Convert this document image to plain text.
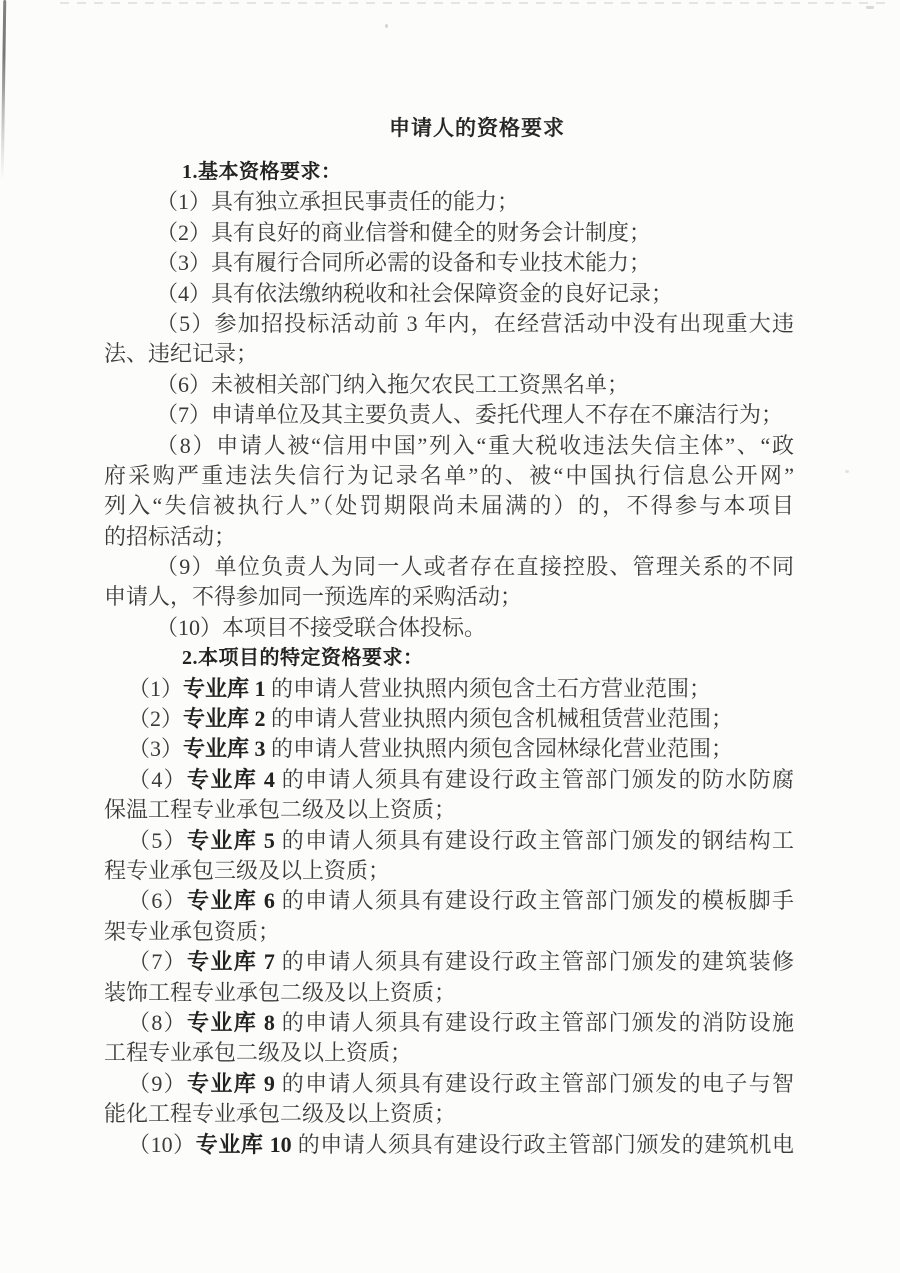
申请人的资格要求
1.基本资格要求：
（1）具有独立承担民事责任的能力；
（2）具有良好的商业信誉和健全的财务会计制度；
（3）具有履行合同所必需的设备和专业技术能力；
（4）具有依法缴纳税收和社会保障资金的良好记录；
（5）参加招投标活动前 3 年内，在经营活动中没有出现重大违
法、违纪记录；
（6）未被相关部门纳入拖欠农民工工资黑名单；
（7）申请单位及其主要负责人、委托代理人不存在不廉洁行为；
（8）申请人被“信用中国”列入“重大税收违法失信主体”、“政
府采购严重违法失信行为记录名单”的、被“中国执行信息公开网”
列入“失信被执行人”（处罚期限尚未届满的）的，不得参与本项目
的招标活动；
（9）单位负责人为同一人或者存在直接控股、管理关系的不同
申请人，不得参加同一预选库的采购活动；
（10）本项目不接受联合体投标。
2.本项目的特定资格要求：
（1）专业库 1 的申请人营业执照内须包含土石方营业范围；
（2）专业库 2 的申请人营业执照内须包含机械租赁营业范围；
（3）专业库 3 的申请人营业执照内须包含园林绿化营业范围；
（4）专业库 4 的申请人须具有建设行政主管部门颁发的防水防腐
保温工程专业承包二级及以上资质；
（5）专业库 5 的申请人须具有建设行政主管部门颁发的钢结构工
程专业承包三级及以上资质；
（6）专业库 6 的申请人须具有建设行政主管部门颁发的模板脚手
架专业承包资质；
（7）专业库 7 的申请人须具有建设行政主管部门颁发的建筑装修
装饰工程专业承包二级及以上资质；
（8）专业库 8 的申请人须具有建设行政主管部门颁发的消防设施
工程专业承包二级及以上资质；
（9）专业库 9 的申请人须具有建设行政主管部门颁发的电子与智
能化工程专业承包二级及以上资质；
（10）专业库 10 的申请人须具有建设行政主管部门颁发的建筑机电
